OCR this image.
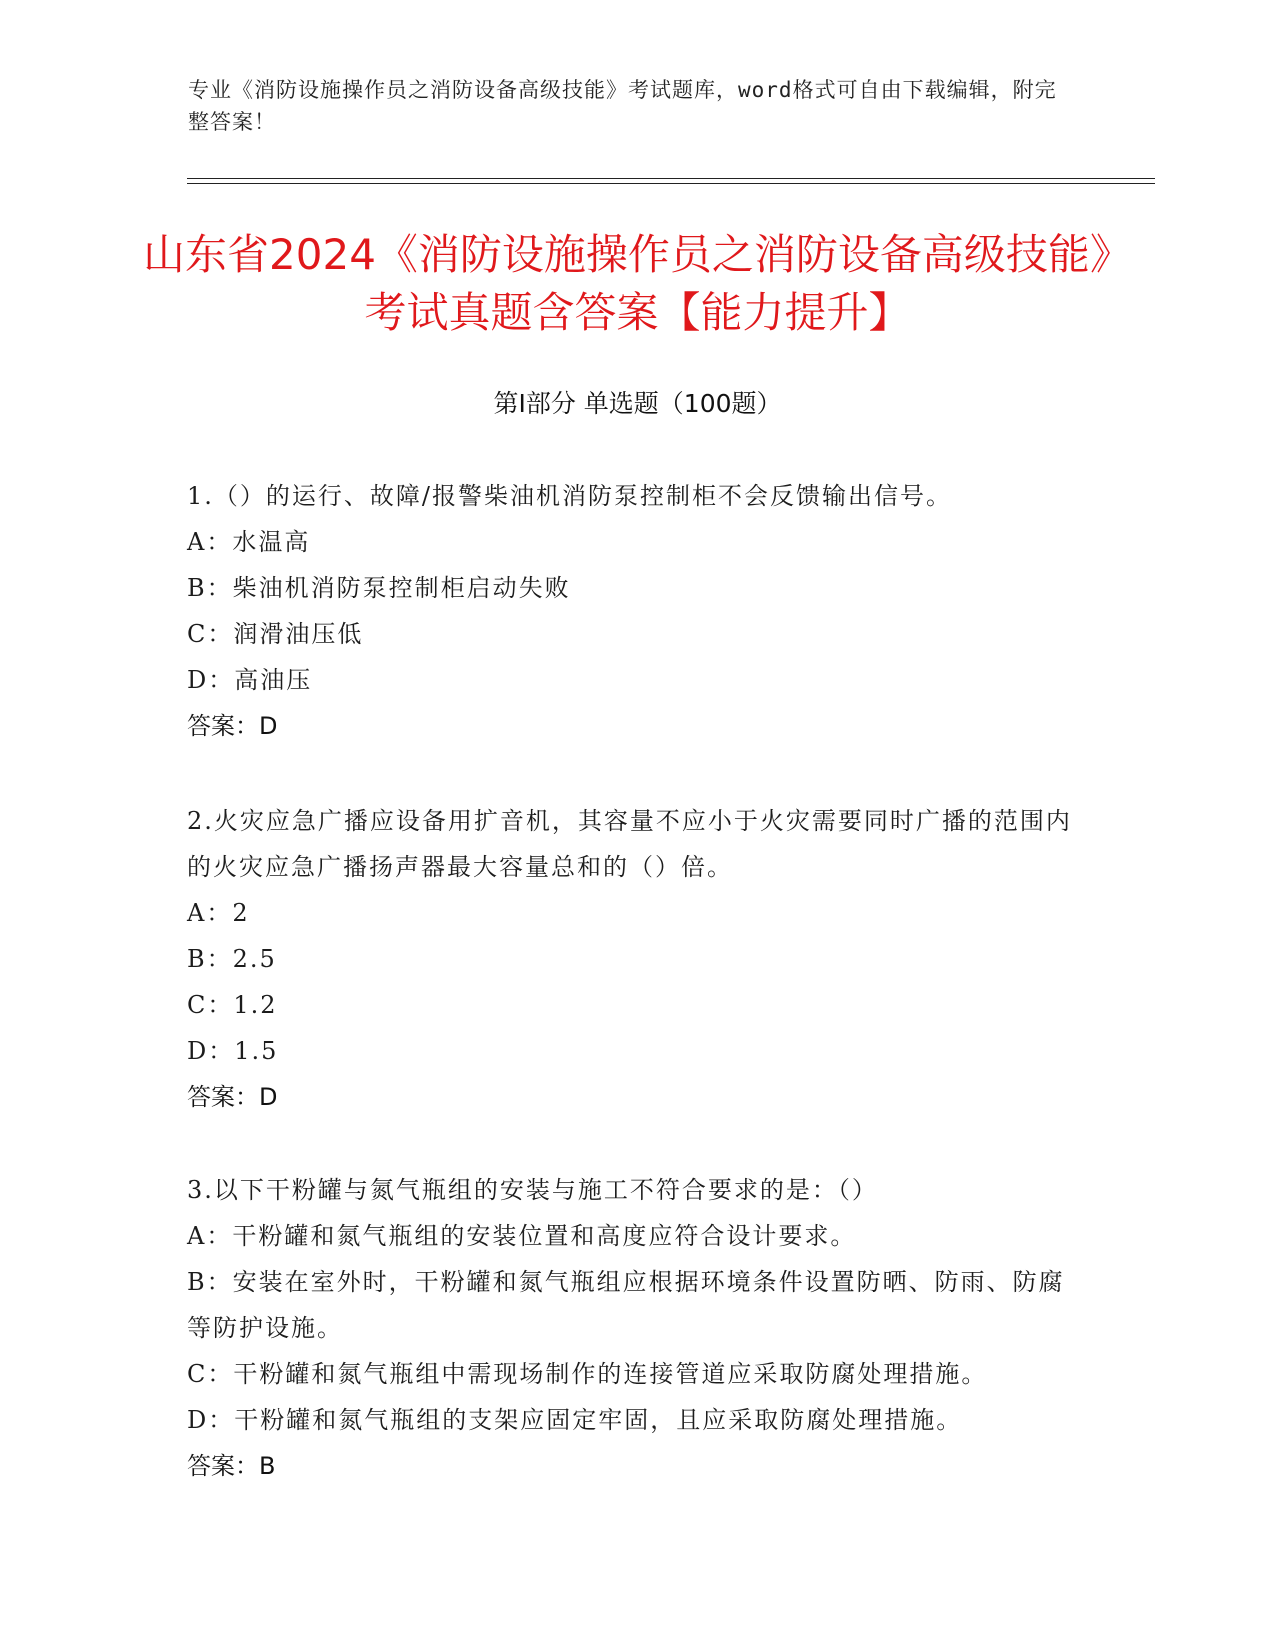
专业《消防设施操作员之消防设备高级技能》考试题库，word格式可自由下载编辑，附完整答案！
山东省2024《消防设施操作员之消防设备高级技能》考试真题含答案【能力提升】
第I部分 单选题（100题）
1.（）的运行、故障/报警柴油机消防泵控制柜不会反馈输出信号。
A：水温高
B：柴油机消防泵控制柜启动失败
C：润滑油压低
D：高油压
答案：D
2.火灾应急广播应设备用扩音机，其容量不应小于火灾需要同时广播的范围内的火灾应急广播扬声器最大容量总和的（）倍。
A：2
B：2.5
C：1.2
D：1.5
答案：D
3.以下干粉罐与氮气瓶组的安装与施工不符合要求的是：（）
A：干粉罐和氮气瓶组的安装位置和高度应符合设计要求。
B：安装在室外时，干粉罐和氮气瓶组应根据环境条件设置防晒、防雨、防腐等防护设施。
C：干粉罐和氮气瓶组中需现场制作的连接管道应采取防腐处理措施。
D：干粉罐和氮气瓶组的支架应固定牢固，且应采取防腐处理措施。
答案：B
